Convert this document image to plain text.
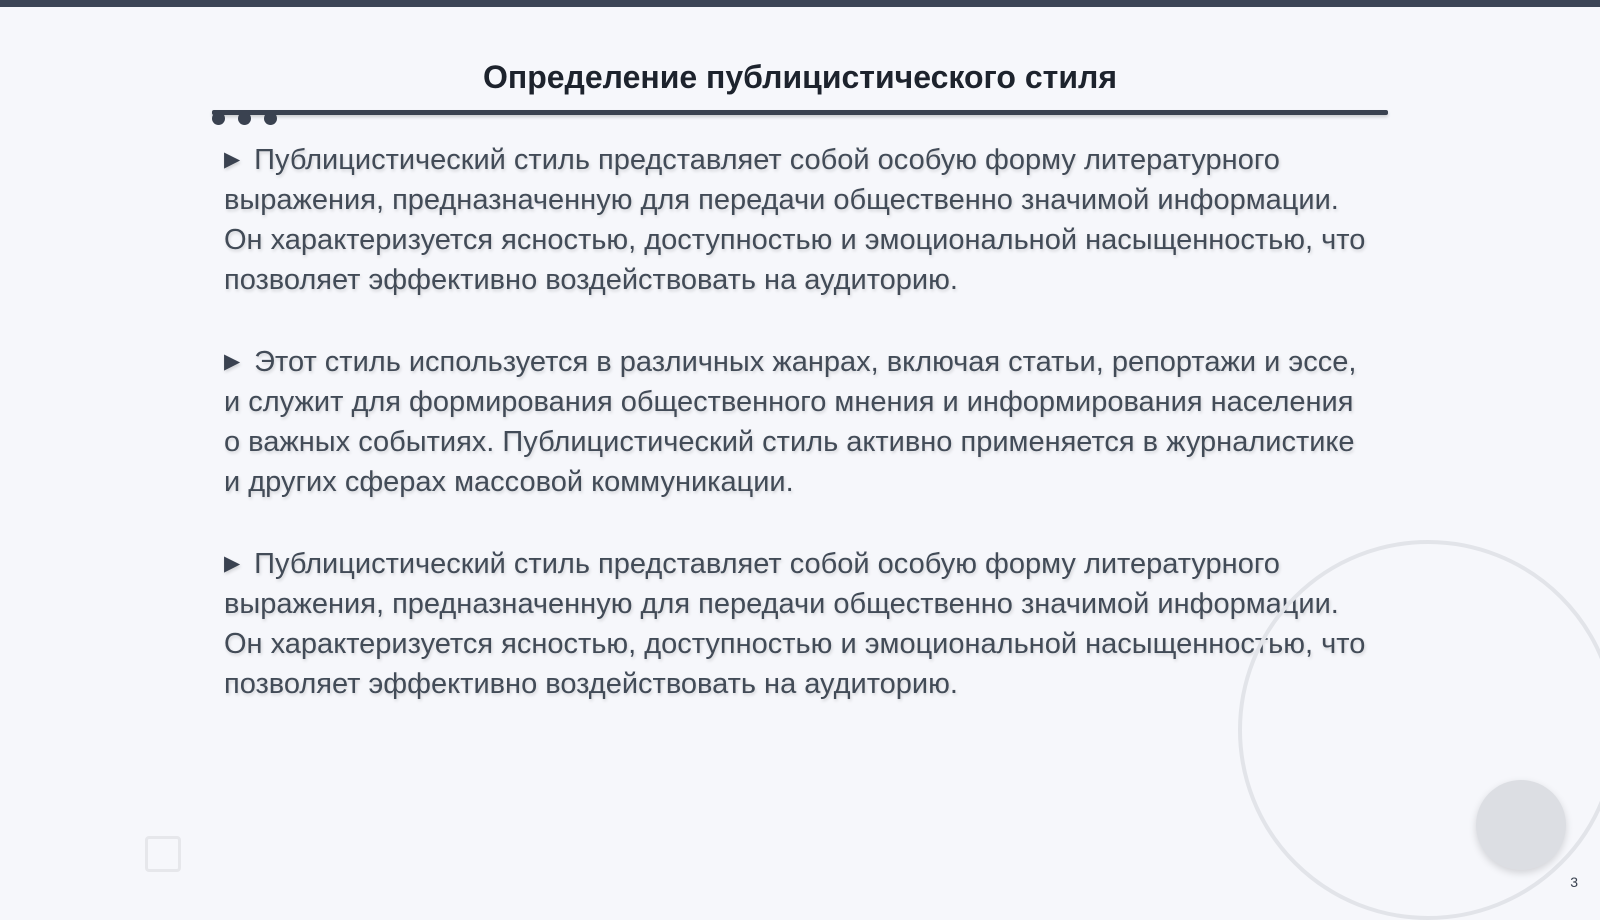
Определение публицистического стиля

▶ Публицистический стиль представляет собой особую форму литературного выражения, предназначенную для передачи общественно значимой информации. Он характеризуется ясностью, доступностью и эмоциональной насыщенностью, что позволяет эффективно воздействовать на аудиторию.

▶ Этот стиль используется в различных жанрах, включая статьи, репортажи и эссе, и служит для формирования общественного мнения и информирования населения о важных событиях. Публицистический стиль активно применяется в журналистике и других сферах массовой коммуникации.

▶ Публицистический стиль представляет собой особую форму литературного выражения, предназначенную для передачи общественно значимой информации. Он характеризуется ясностью, доступностью и эмоциональной насыщенностью, что позволяет эффективно воздействовать на аудиторию.

3
